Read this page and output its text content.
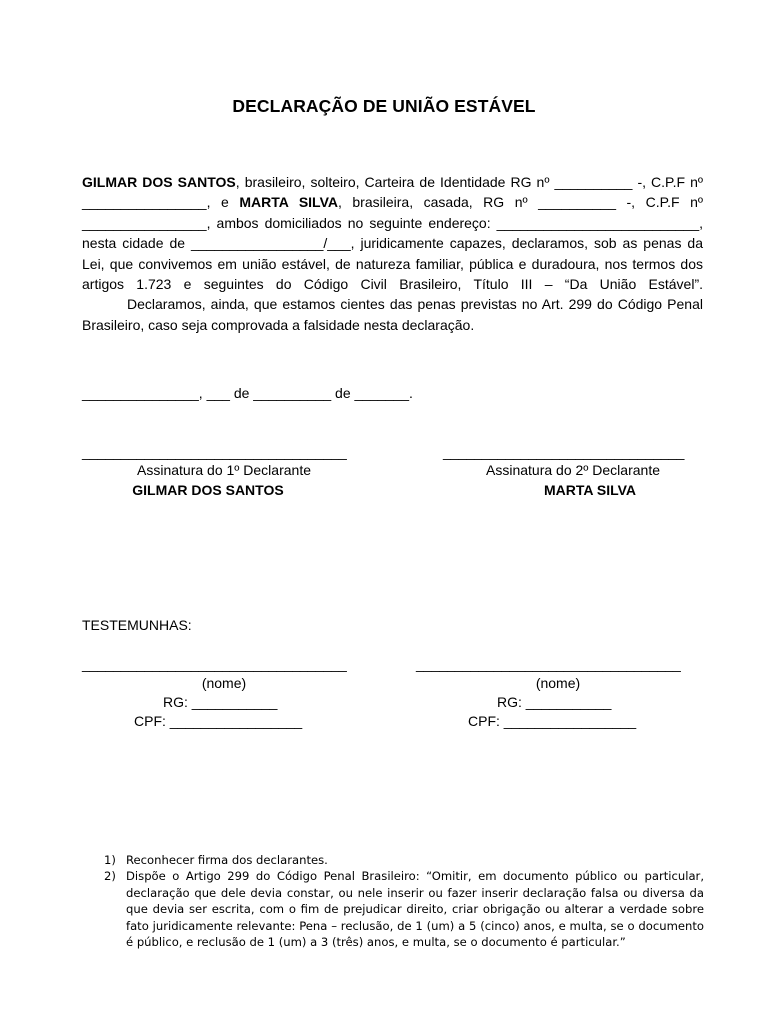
DECLARAÇÃO DE UNIÃO ESTÁVEL

GILMAR DOS SANTOS, brasileiro, solteiro, Carteira de Identidade RG nº __________ -, C.P.F nº ________________, e MARTA SILVA, brasileira, casada, RG nº __________ -, C.P.F nº ________________, ambos domiciliados no seguinte endereço: __________________________, nesta cidade de _________________/___, juridicamente capazes, declaramos, sob as penas da Lei, que convivemos em união estável, de natureza familiar, pública e duradoura, nos termos dos artigos 1.723 e seguintes do Código Civil Brasileiro, Título III – “Da União Estável”.

Declaramos, ainda, que estamos cientes das penas previstas no Art. 299 do Código Penal Brasileiro, caso seja comprovada a falsidade nesta declaração.

_______________, ___ de __________ de _______.
__________________________________	_______________________________
Assinatura do 1º Declarante	Assinatura do 2º Declarante
GILMAR DOS SANTOS	MARTA SILVA
TESTEMUNHAS:
__________________________________	__________________________________
(nome)	(nome)
RG: ___________	RG: ___________
CPF: _________________	CPF: _________________
1) Reconhecer firma dos declarantes.
2) Dispõe o Artigo 299 do Código Penal Brasileiro: “Omitir, em documento público ou particular, declaração que dele devia constar, ou nele inserir ou fazer inserir declaração falsa ou diversa da que devia ser escrita, com o fim de prejudicar direito, criar obrigação ou alterar a verdade sobre fato juridicamente relevante: Pena – reclusão, de 1 (um) a 5 (cinco) anos, e multa, se o documento é público, e reclusão de 1 (um) a 3 (três) anos, e multa, se o documento é particular.”
